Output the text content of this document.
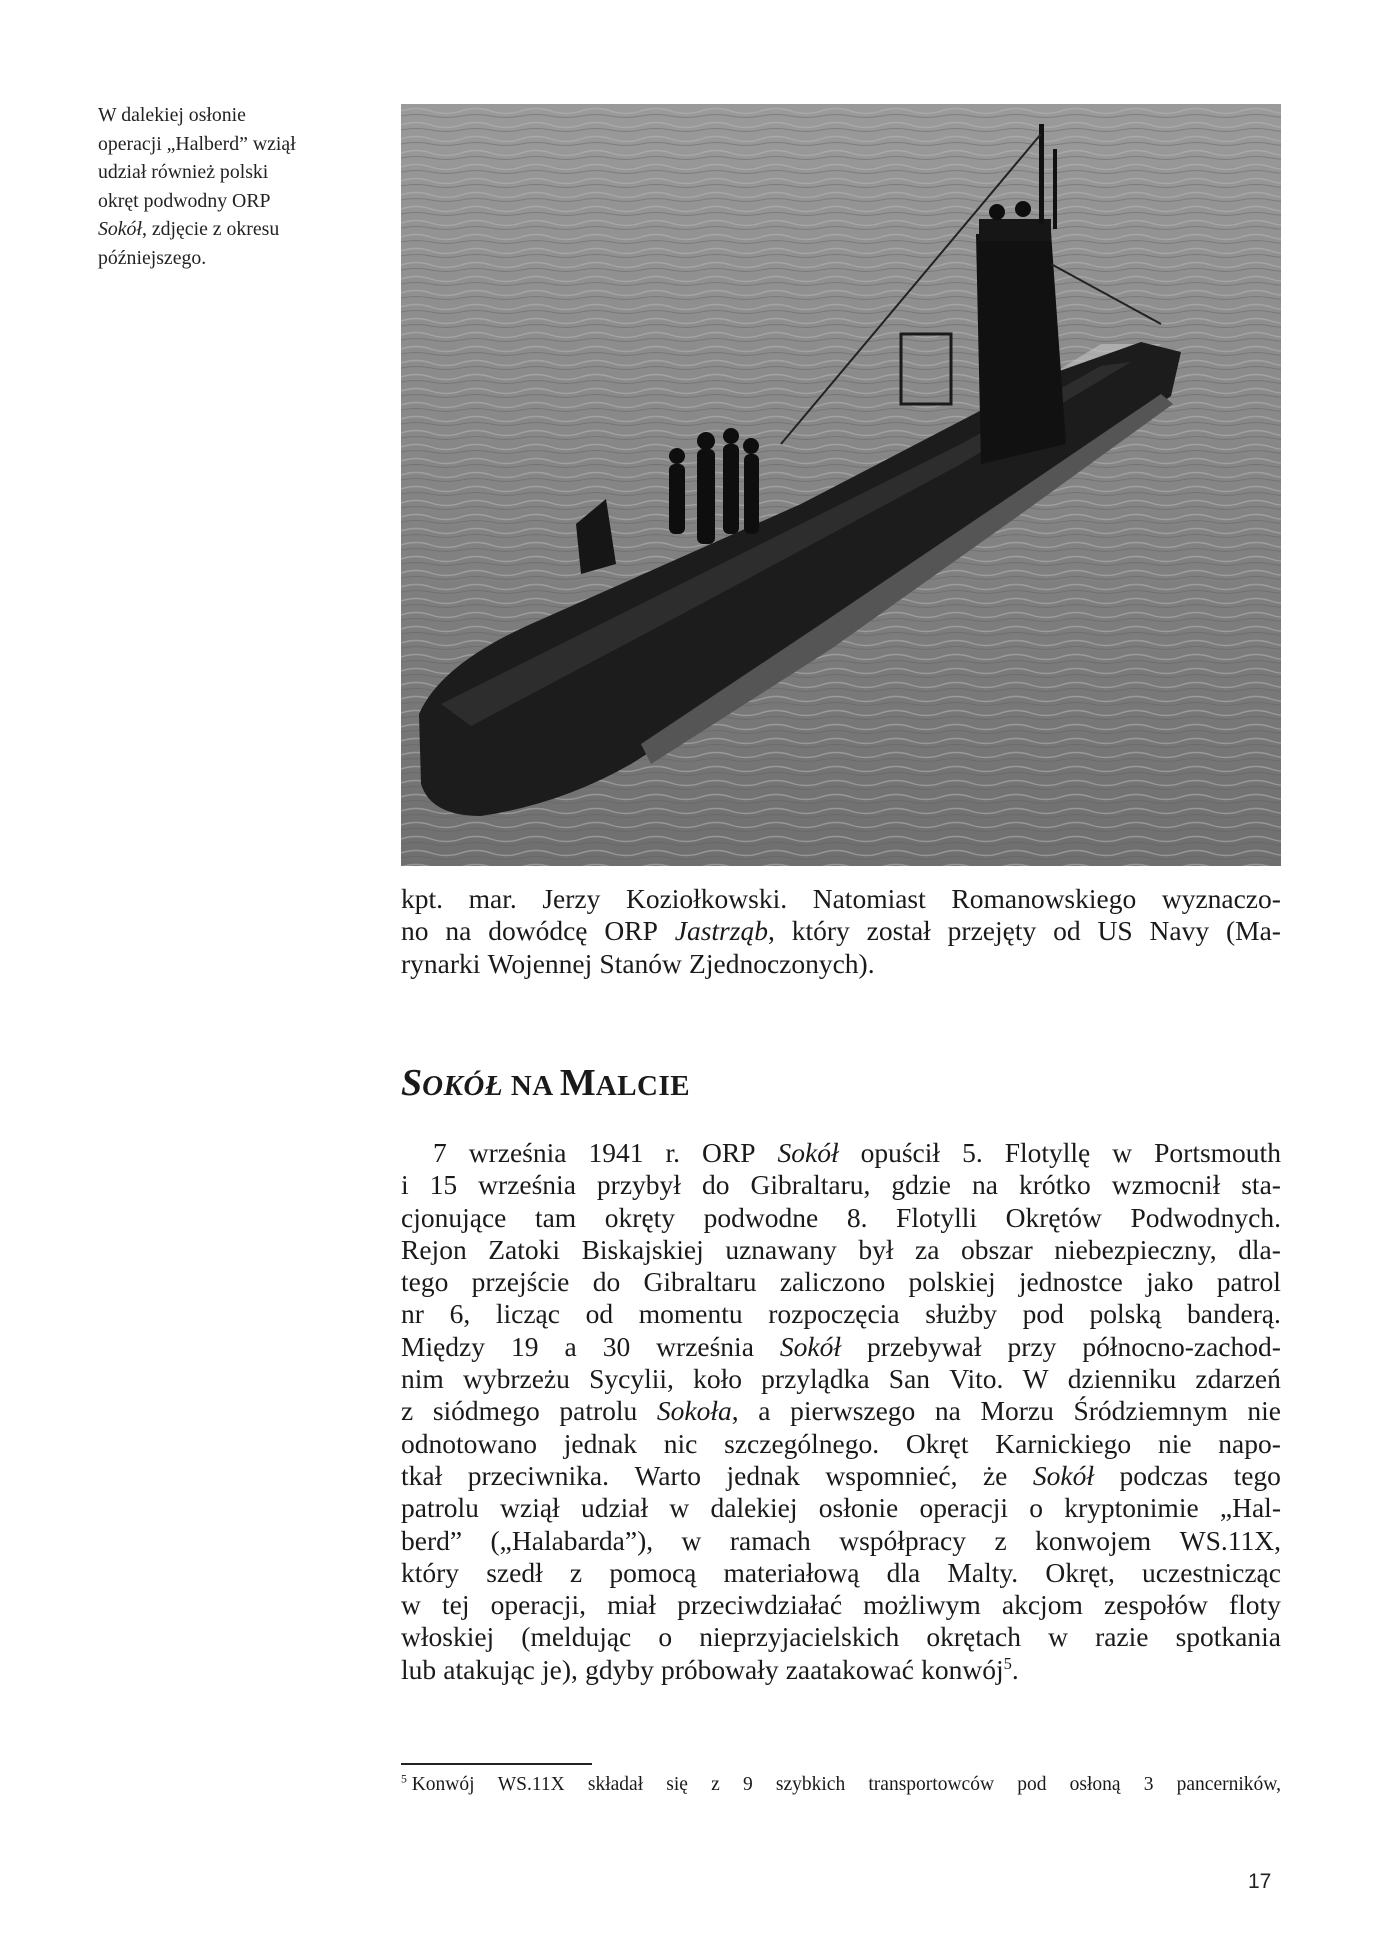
W dalekiej osłonie
operacji „Halberd” wziął
udział również polski
okręt podwodny ORP
Sokół, zdjęcie z okresu
późniejszego.
kpt. mar. Jerzy Koziołkowski. Natomiast Romanowskiego wyznaczo-
no na dowódcę ORP Jastrząb, który został przejęty od US Navy (Ma-
rynarki Wojennej Stanów Zjednoczonych).
SOKÓŁ NA MALCIE
7 września 1941 r. ORP Sokół opuścił 5. Flotyllę w Portsmouth
i 15 września przybył do Gibraltaru, gdzie na krótko wzmocnił sta-
cjonujące tam okręty podwodne 8. Flotylli Okrętów Podwodnych.
Rejon Zatoki Biskajskiej uznawany był za obszar niebezpieczny, dla-
tego przejście do Gibraltaru zaliczono polskiej jednostce jako patrol
nr 6, licząc od momentu rozpoczęcia służby pod polską banderą.
Między 19 a 30 września Sokół przebywał przy północno-zachod-
nim wybrzeżu Sycylii, koło przylądka San Vito. W dzienniku zdarzeń
z siódmego patrolu Sokoła, a pierwszego na Morzu Śródziemnym nie
odnotowano jednak nic szczególnego. Okręt Karnickiego nie napo-
tkał przeciwnika. Warto jednak wspomnieć, że Sokół podczas tego
patrolu wziął udział w dalekiej osłonie operacji o kryptonimie „Hal-
berd” („Halabarda”), w ramach współpracy z konwojem WS.11X,
który szedł z pomocą materiałową dla Malty. Okręt, uczestnicząc
w tej operacji, miał przeciwdziałać możliwym akcjom zespołów floty
włoskiej (meldując o nieprzyjacielskich okrętach w razie spotkania
lub atakując je), gdyby próbowały zaatakować konwój$^5$.
$^5$ Konwój WS.11X składał się z 9 szybkich transportowców pod osłoną 3 pancerników,
17
